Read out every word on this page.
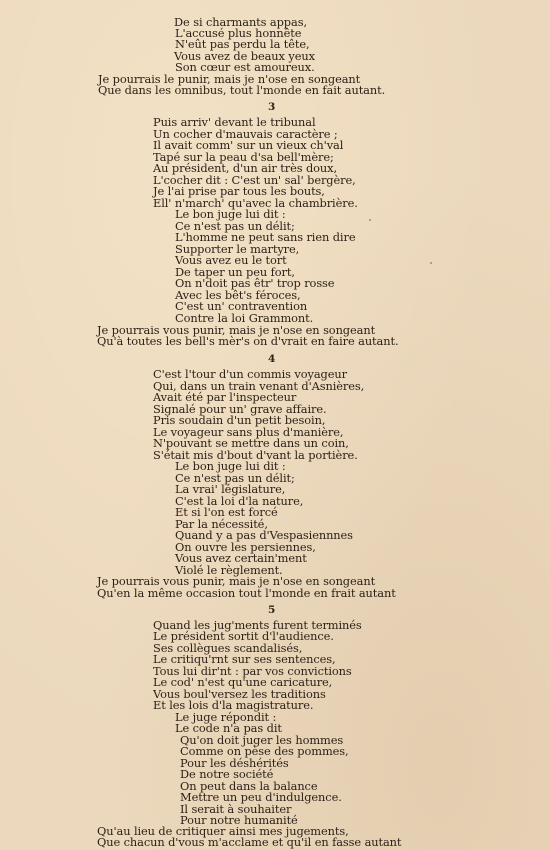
De si charmants appas,
L'accusé plus honnête
N'eût pas perdu la tête,
Vous avez de beaux yeux
Son cœur est amoureux.
Je pourrais le punir, mais je n'ose en songeant
Que dans les omnibus, tout l'monde en fait autant.
3
Puis arriv' devant le tribunal
Un cocher d'mauvais caractère ;
Il avait comm' sur un vieux ch'val
Tapé sur la peau d'sa bell'mère;
Au président, d'un air très doux,
L'cocher dit : C'est un' sal' bergère,
Je l'ai prise par tous les bouts,
Ell' n'march' qu'avec la chambrière.
Le bon juge lui dit :
Ce n'est pas un délit;
L'homme ne peut sans rien dire
Supporter le martyre,
Vous avez eu le tort
De taper un peu fort,
On n'doit pas êtr' trop rosse
Avec les bêt's féroces,
C'est un' contravention
Contre la loi Grammont.
Je pourrais vous punir, mais je n'ose en songeant
Qu'à toutes les bell's mèr's on d'vrait en faire autant.
4
C'est l'tour d'un commis voyageur
Qui, dans un train venant d'Asnières,
Avait été par l'inspecteur
Signalé pour un' grave affaire.
Pris soudain d'un petit besoin,
Le voyageur sans plus d'manière,
N'pouvant se mettre dans un coin,
S'était mis d'bout d'vant la portière.
Le bon juge lui dit :
Ce n'est pas un délit;
La vrai' législature,
C'est la loi d'la nature,
Et si l'on est forcé
Par la nécessité,
Quand y a pas d'Vespasiennnes
On ouvre les persiennes,
Vous avez certain'ment
Violé le règlement.
Je pourrais vous punir, mais je n'ose en songeant
Qu'en la même occasion tout l'monde en frait autant
5
Quand les jug'ments furent terminés
Le président sortit d'l'audience.
Ses collègues scandalisés,
Le critiqu'rnt sur ses sentences,
Tous lui dir'nt : par vos convictions
Le cod' n'est qu'une caricature,
Vous boul'versez les traditions
Et les lois d'la magistrature.
Le juge répondit :
Le code n'a pas dit
Qu'on doit juger les hommes
Comme on pèse des pommes,
Pour les déshérités
De notre société
On peut dans la balance
Mettre un peu d'indulgence.
Il serait à souhaiter
Pour notre humanité
Qu'au lieu de critiquer ainsi mes jugements,
Que chacun d'vous m'acclame et qu'il en fasse autant
